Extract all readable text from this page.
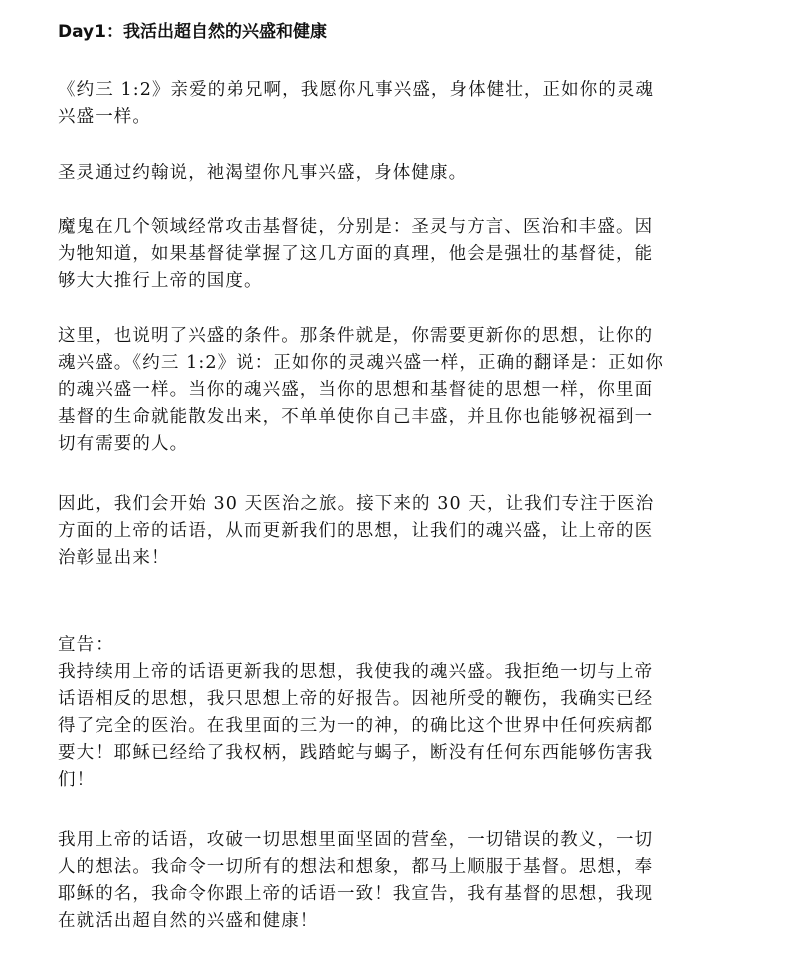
Day1：我活出超自然的兴盛和健康
《约三 1:2》亲爱的弟兄啊，我愿你凡事兴盛，身体健壮，正如你的灵魂
兴盛一样。
圣灵通过约翰说，祂渴望你凡事兴盛，身体健康。
魔鬼在几个领域经常攻击基督徒，分别是：圣灵与方言、医治和丰盛。因
为牠知道，如果基督徒掌握了这几方面的真理，他会是强壮的基督徒，能
够大大推行上帝的国度。
这里，也说明了兴盛的条件。那条件就是，你需要更新你的思想，让你的
魂兴盛。《约三 1:2》说：正如你的灵魂兴盛一样，正确的翻译是：正如你
的魂兴盛一样。当你的魂兴盛，当你的思想和基督徒的思想一样，你里面
基督的生命就能散发出来，不单单使你自己丰盛，并且你也能够祝福到一
切有需要的人。
因此，我们会开始 30 天医治之旅。接下来的 30 天，让我们专注于医治
方面的上帝的话语，从而更新我们的思想，让我们的魂兴盛，让上帝的医
治彰显出来！
宣告：
我持续用上帝的话语更新我的思想，我使我的魂兴盛。我拒绝一切与上帝
话语相反的思想，我只思想上帝的好报告。因祂所受的鞭伤，我确实已经
得了完全的医治。在我里面的三为一的神，的确比这个世界中任何疾病都
要大！耶稣已经给了我权柄，践踏蛇与蝎子，断没有任何东西能够伤害我
们！
我用上帝的话语，攻破一切思想里面坚固的营垒，一切错误的教义，一切
人的想法。我命令一切所有的想法和想象，都马上顺服于基督。思想，奉
耶稣的名，我命令你跟上帝的话语一致！我宣告，我有基督的思想，我现
在就活出超自然的兴盛和健康！
